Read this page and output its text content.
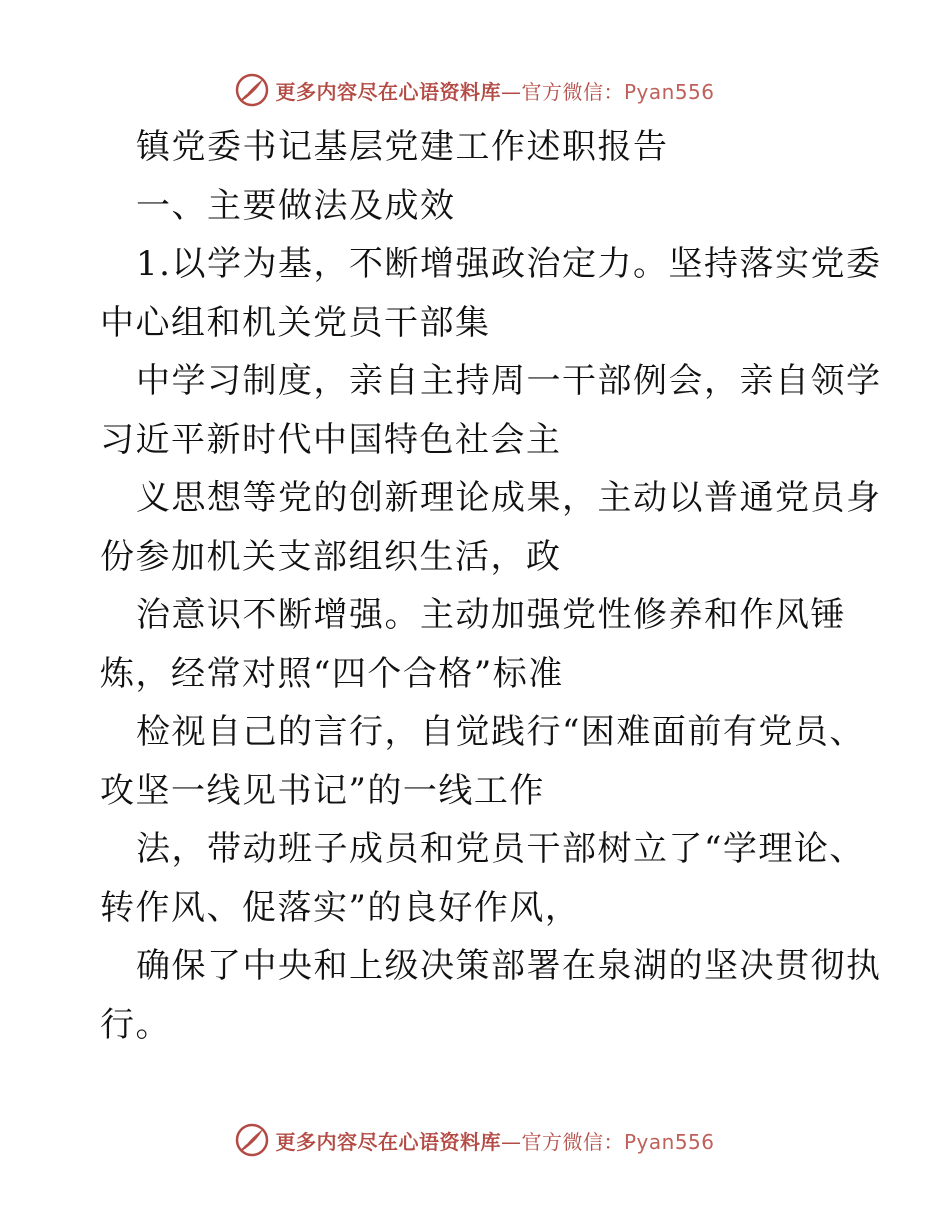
更多内容尽在心语资料库—官方微信：Pyan556
镇党委书记基层党建工作述职报告
一、主要做法及成效
1.以学为基，不断增强政治定力。坚持落实党委
中心组和机关党员干部集
中学习制度，亲自主持周一干部例会，亲自领学
习近平新时代中国特色社会主
义思想等党的创新理论成果，主动以普通党员身
份参加机关支部组织生活，政
治意识不断增强。主动加强党性修养和作风锤
炼，经常对照“四个合格”标准
检视自己的言行，自觉践行“困难面前有党员、
攻坚一线见书记”的一线工作
法，带动班子成员和党员干部树立了“学理论、
转作风、促落实”的良好作风，
确保了中央和上级决策部署在泉湖的坚决贯彻执
行。
更多内容尽在心语资料库—官方微信：Pyan556
